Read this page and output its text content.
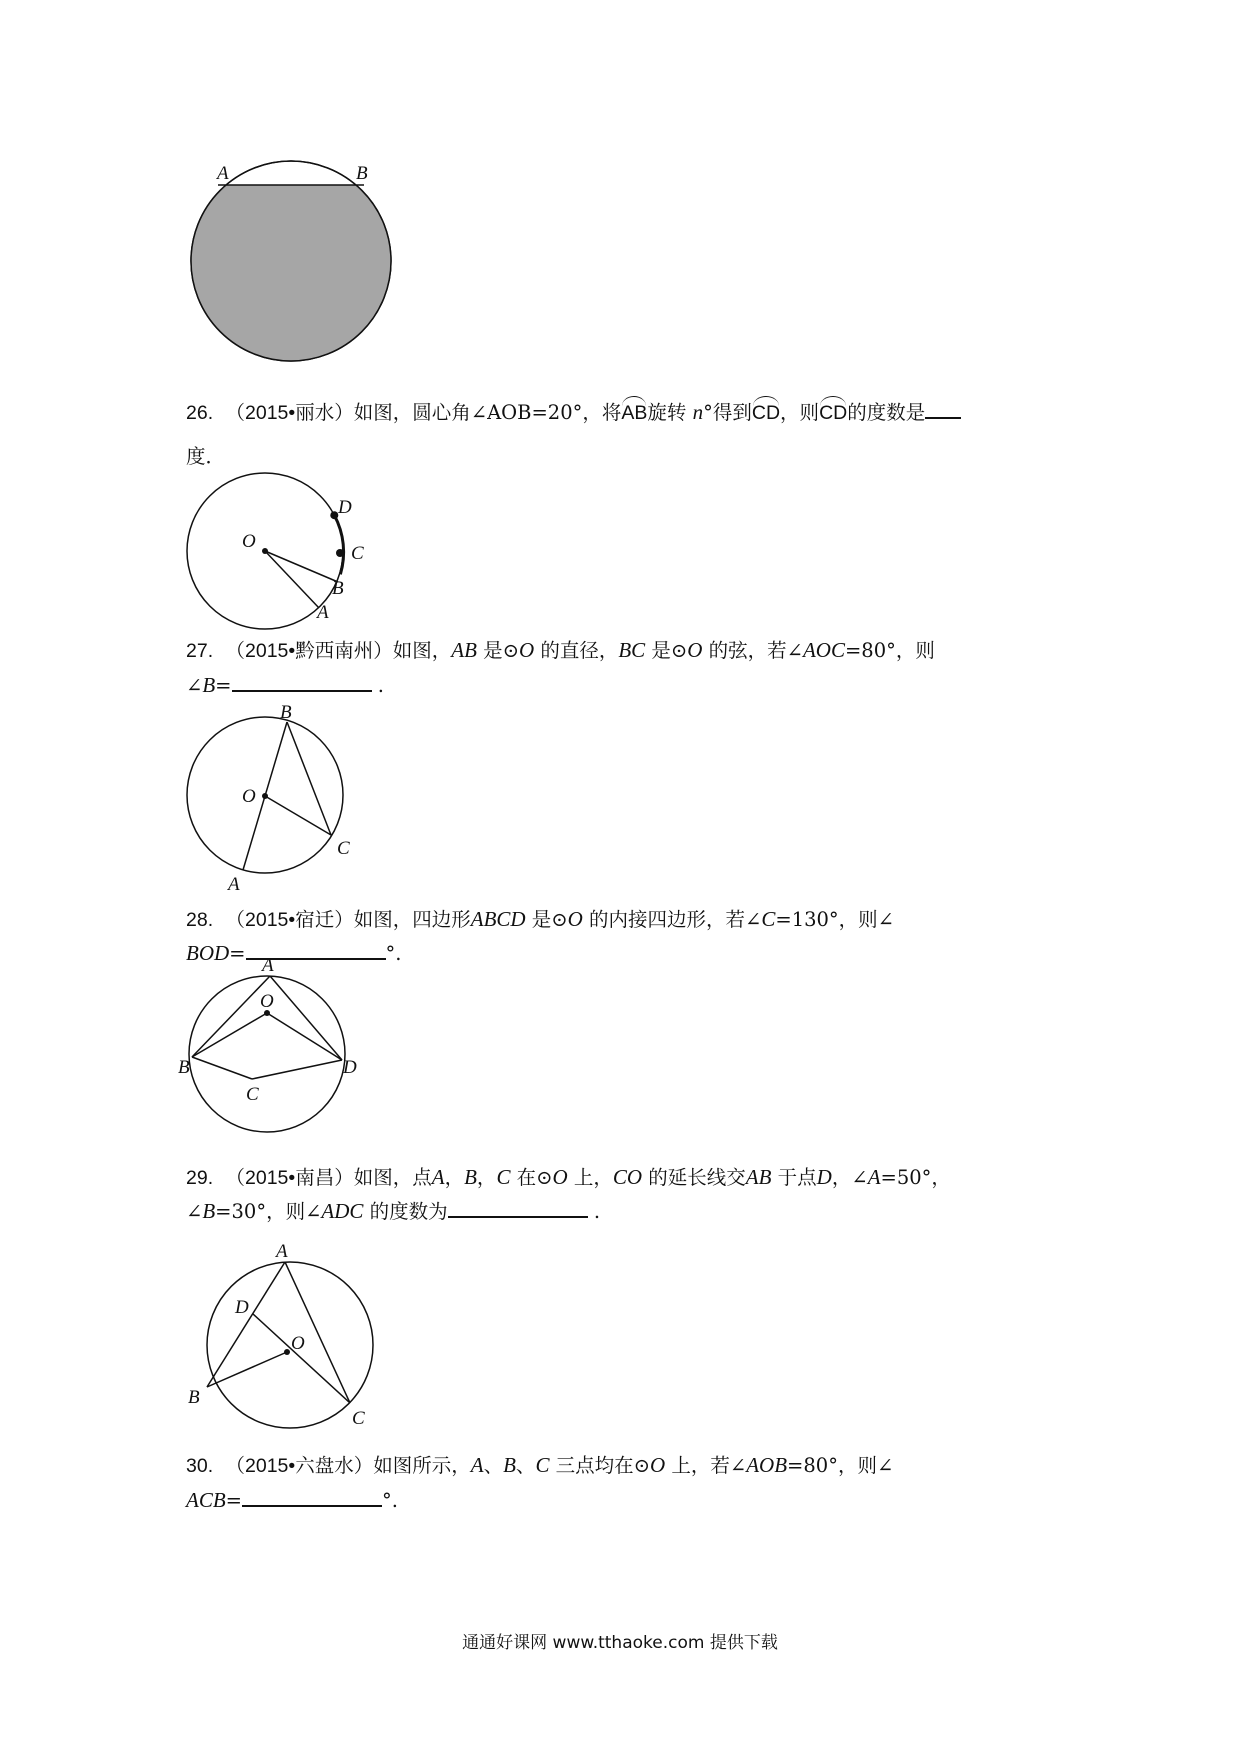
A	B
26. （2015•丽水）如图，圆心角∠AOB=20°，将AB旋转 n°得到CD，则CD的度数是
度．
O
D
C
B
A
27. （2015•黔西南州）如图，AB 是⊙O 的直径，BC 是⊙O 的弦，若∠AOC=80°，则
∠B=	.
B
O
C
A
28. （2015•宿迁）如图，四边形ABCD 是⊙O 的内接四边形，若∠C=130°，则∠
BOD=	°.
A
O
B	D
C
29. （2015•南昌）如图，点A，B，C 在⊙O 上，CO 的延长线交AB 于点D，∠A=50°，
∠B=30°，则∠ADC 的度数为	.
A
D
O
B
C
30. （2015•六盘水）如图所示，A、B、C 三点均在⊙O 上，若∠AOB=80°，则∠
ACB=	°.
通通好课网 www.tthaoke.com 提供下载
